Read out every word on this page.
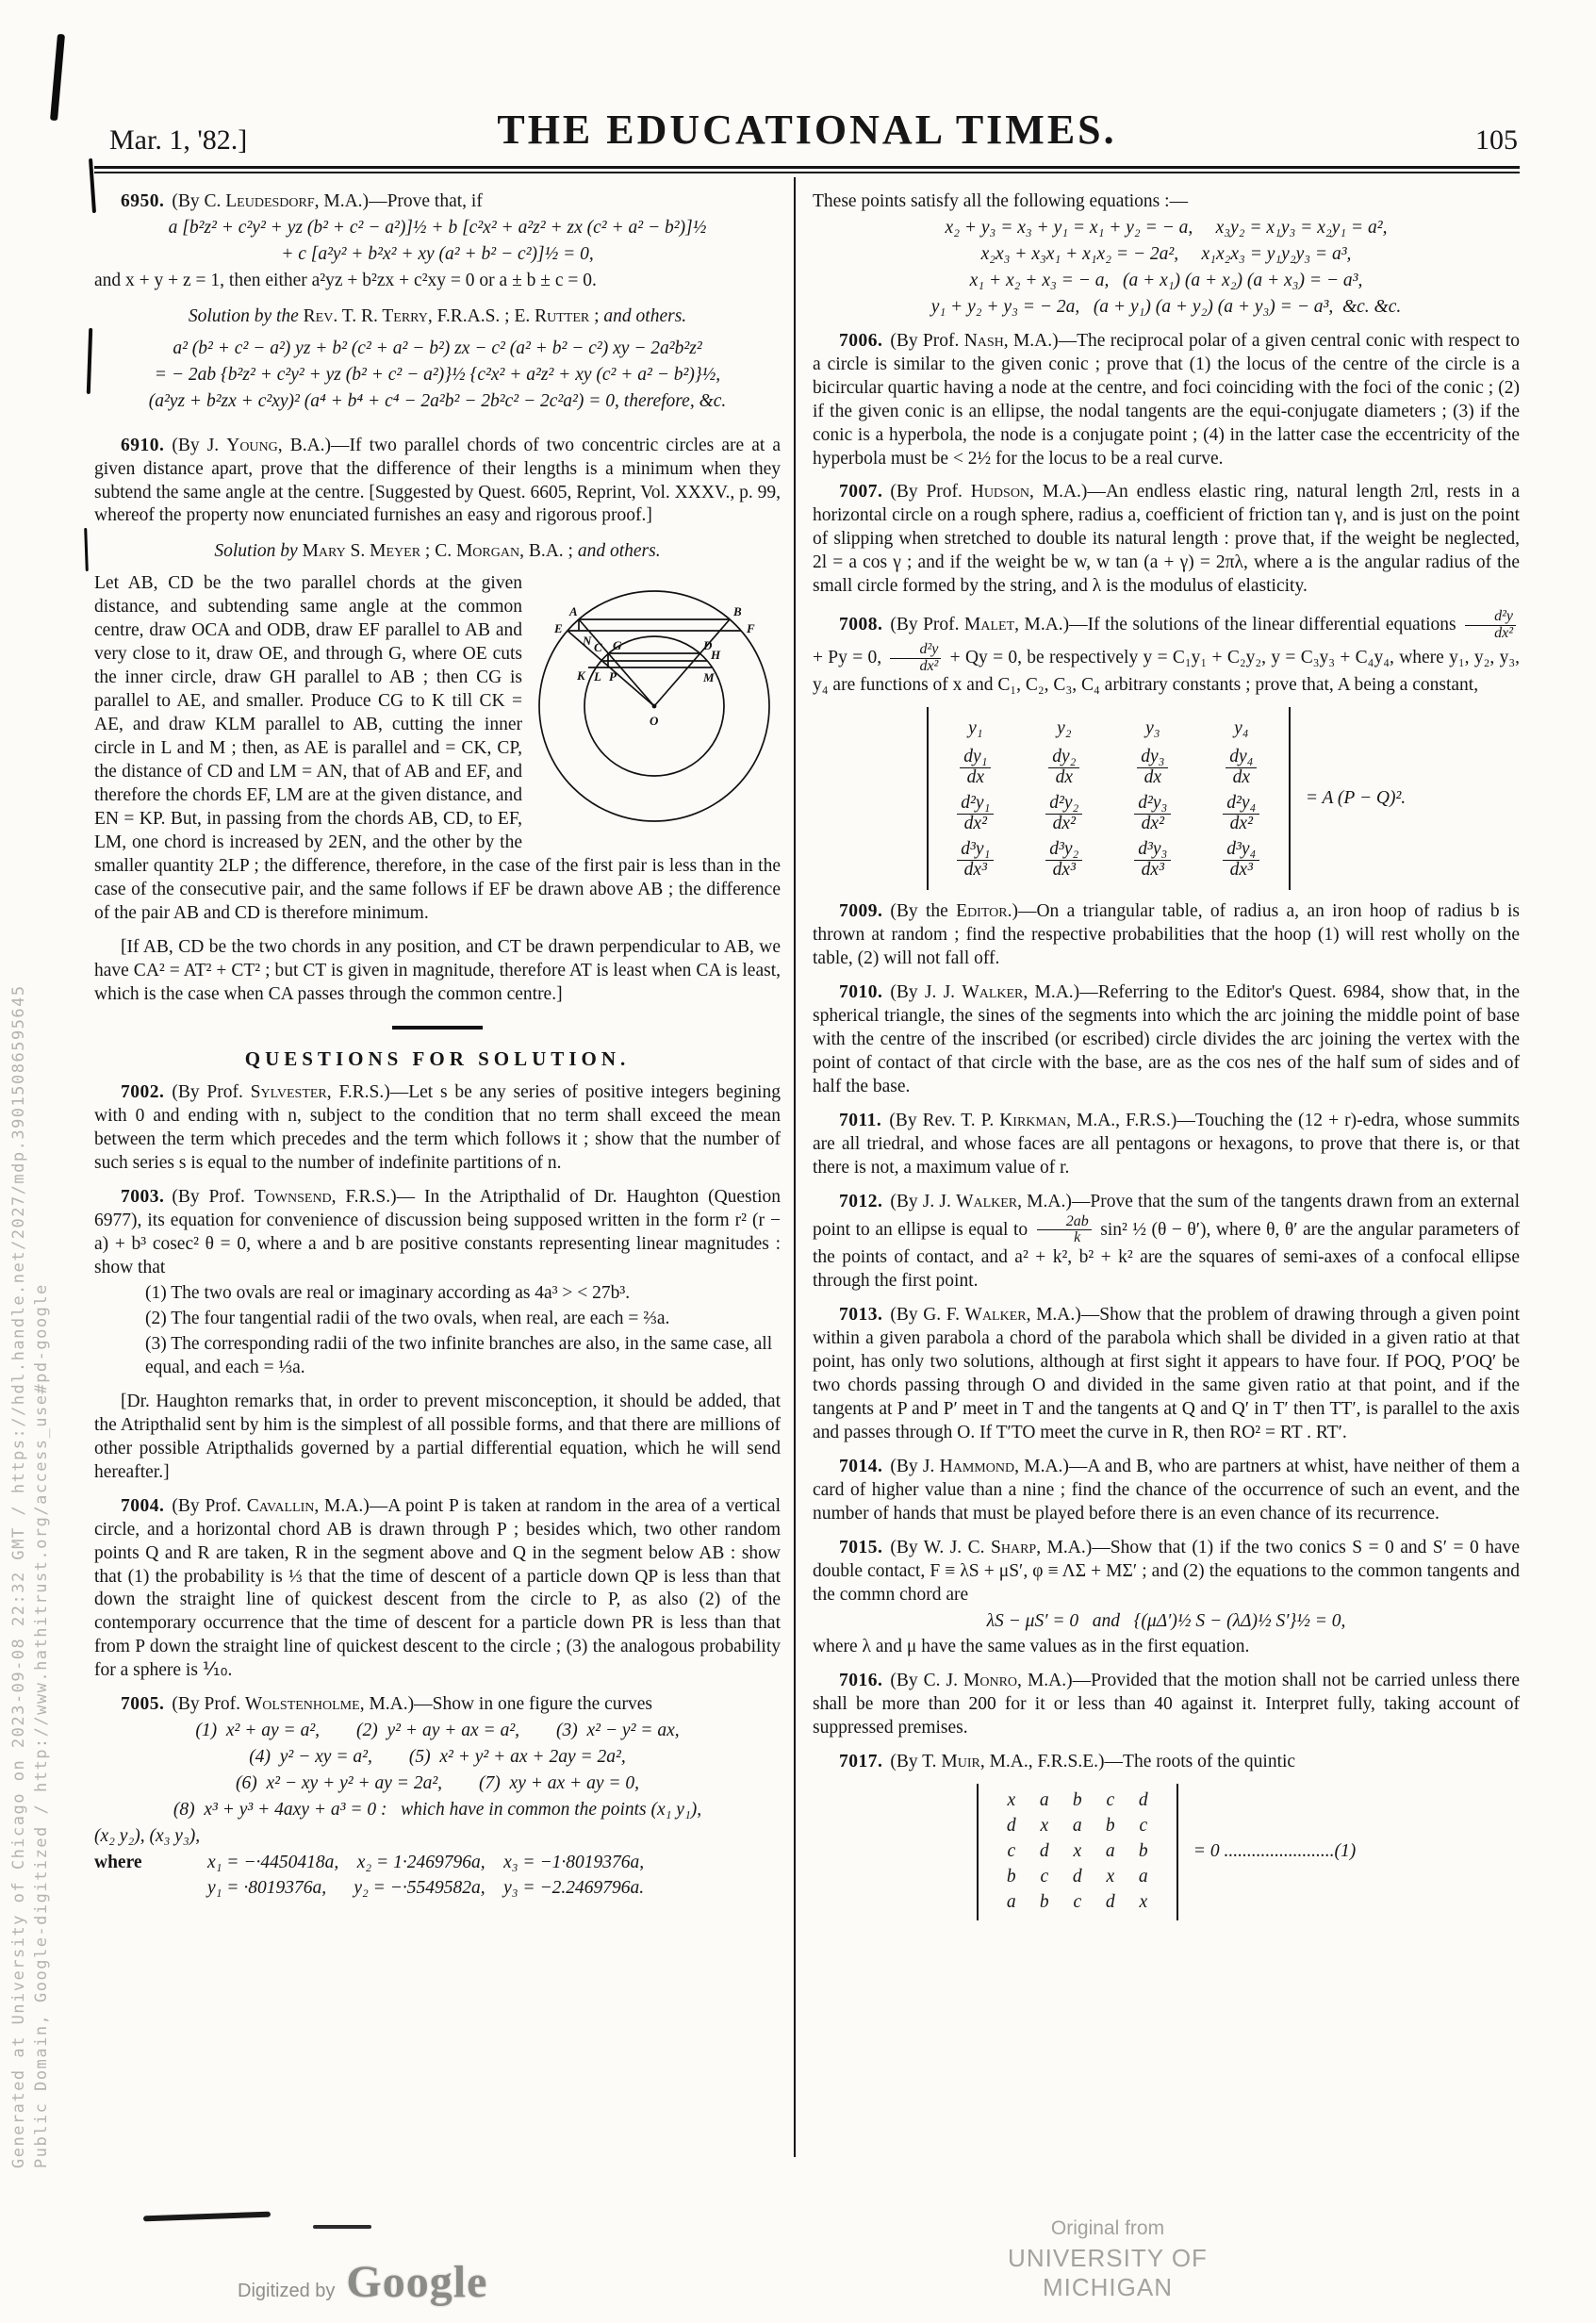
Generated at University of Chicago on 2023-09-08 22:32 GMT / https://hdl.handle.net/2027/mdp.39015086595645 Public Domain, Google-digitized / http://www.hathitrust.org/access_use#pd-google
Mar. 1, '82.]	THE EDUCATIONAL TIMES.	105

6950. (By C. Leudesdorf, M.A.)—Prove that, if

a [b²z² + c²y² + yz (b² + c² − a²)]½ + b [c²x² + a²z² + zx (c² + a² − b²)]½
+ c [a²y² + b²x² + xy (a² + b² − c²)]½ = 0,

and x + y + z = 1, then either a²yz + b²zx + c²xy = 0 or a ± b ± c = 0.

Solution by the Rev. T. R. Terry, F.R.A.S. ; E. Rutter ; and others.

a² (b² + c² − a²) yz + b² (c² + a² − b²) zx − c² (a² + b² − c²) xy − 2a²b²z²
= − 2ab {b²z² + c²y² + yz (b² + c² − a²)}½ {c²x² + a²z² + xy (c² + a² − b²)}½,
(a²yz + b²zx + c²xy)² (a⁴ + b⁴ + c⁴ − 2a²b² − 2b²c² − 2c²a²) = 0, therefore, &c.

6910. (By J. Young, B.A.)—If two parallel chords of two concentric circles are at a given distance apart, prove that the difference of their lengths is a minimum when they subtend the same angle at the centre. [Suggested by Quest. 6605, Reprint, Vol. XXXV., p. 99, whereof the property now enunciated furnishes an easy and rigorous proof.]

Solution by Mary S. Meyer ; C. Morgan, B.A. ; and others.

A	B
E	F
N C G	D
H
K L P	M
O

Let AB, CD be the two parallel chords at the given distance, and subtending same angle at the common centre, draw OCA and ODB, draw EF parallel to AB and very close to it, draw OE, and through G, where OE cuts the inner circle, draw GH parallel to AB ; then CG is parallel to AE, and smaller. Produce CG to K till CK = AE, and draw KLM parallel to AB, cutting the inner circle in L and M ; then, as AE is parallel and = CK, CP, the distance of CD and LM = AN, that of AB and EF, and therefore the chords EF, LM are at the given distance, and EN = KP. But, in passing from the chords AB, CD, to EF, LM, one chord is increased by 2EN, and the other by the smaller quantity 2LP ; the difference, therefore, in the case of the first pair is less than in the case of the consecutive pair, and the same follows if EF be drawn above AB ; the difference of the pair AB and CD is therefore minimum.

[If AB, CD be the two chords in any position, and CT be drawn perpendicular to AB, we have CA² = AT² + CT² ; but CT is given in magnitude, therefore AT is least when CA is least, which is the case when CA passes through the common centre.]

QUESTIONS FOR SOLUTION.

7002. (By Prof. Sylvester, F.R.S.)—Let s be any series of positive integers begining with 0 and ending with n, subject to the condition that no term shall exceed the mean between the term which precedes and the term which follows it ; show that the number of such series s is equal to the number of indefinite partitions of n.

7003. (By Prof. Townsend, F.R.S.)— In the Atripthalid of Dr. Haughton (Question 6977), its equation for convenience of discussion being supposed written in the form r² (r − a) + b³ cosec² θ = 0, where a and b are positive constants representing linear magnitudes : show that

(1) The two ovals are real or imaginary according as 4a³ > < 27b³.
(2) The four tangential radii of the two ovals, when real, are each = ⅔a.
(3) The corresponding radii of the two infinite branches are also, in the same case, all equal, and each = ⅓a.

[Dr. Haughton remarks that, in order to prevent misconception, it should be added, that the Atripthalid sent by him is the simplest of all possible forms, and that there are millions of other possible Atripthalids governed by a partial differential equation, which he will send hereafter.]

7004. (By Prof. Cavallin, M.A.)—A point P is taken at random in the area of a vertical circle, and a horizontal chord AB is drawn through P ; besides which, two other random points Q and R are taken, R in the segment above and Q in the segment below AB : show that (1) the probability is ⅓ that the time of descent of a particle down QP is less than that down the straight line of quickest descent from the circle to P, as also (2) of the contemporary occurrence that the time of descent for a particle down PR is less than that from P down the straight line of quickest descent to the circle ; (3) the analogous probability for a sphere is ⅒.

7005. (By Prof. Wolstenholme, M.A.)—Show in one figure the curves

(1)  x² + ay = a²,        (2)  y² + ay + ax = a²,        (3)  x² − y² = ax,
(4)  y² − xy = a²,        (5)  x² + y² + ax + 2ay = 2a²,
(6)  x² − xy + y² + ay = 2a²,        (7)  xy + ax + ay = 0,
(8)  x³ + y³ + 4axy + a³ = 0 :   which have in common the points (x₁ y₁),
(x₂ y₂), (x₃ y₃),
where	x₁ = −·4450418a,    x₂ = 1·2469796a,    x₃ = −1·8019376a,
y₁ = ·8019376a,      y₂ = −·5549582a,    y₃ = −2.2469796a.

These points satisfy all the following equations :—

x₂ + y₃ = x₃ + y₁ = x₁ + y₂ = − a,     x₃y₂ = x₁y₃ = x₂y₁ = a²,
x₂x₃ + x₃x₁ + x₁x₂ = − 2a²,     x₁x₂x₃ = y₁y₂y₃ = a³,
x₁ + x₂ + x₃ = − a,   (a + x₁) (a + x₂) (a + x₃) = − a³,
y₁ + y₂ + y₃ = − 2a,   (a + y₁) (a + y₂) (a + y₃) = − a³,  &c. &c.

7006. (By Prof. Nash, M.A.)—The reciprocal polar of a given central conic with respect to a circle is similar to the given conic ; prove that (1) the locus of the centre of the circle is a bicircular quartic having a node at the centre, and foci coinciding with the foci of the conic ; (2) if the given conic is an ellipse, the nodal tangents are the equi-conjugate diameters ; (3) if the conic is a hyperbola, the node is a conjugate point ; (4) in the latter case the eccentricity of the hyperbola must be < 2½ for the locus to be a real curve.

7007. (By Prof. Hudson, M.A.)—An endless elastic ring, natural length 2πl, rests in a horizontal circle on a rough sphere, radius a, coefficient of friction tan γ, and is just on the point of slipping when stretched to double its natural length : prove that, if the weight be neglected, 2l = a cos γ ; and if the weight be w, w tan (a + γ) = 2πλ, where a is the angular radius of the small circle formed by the string, and λ is the modulus of elasticity.

7008. (By Prof. Malet, M.A.)—If the solutions of the linear differential equations $\frac{\text{d²y}}{\text{dx²}}$
+ Py = 0, $\frac{\text{d²y}}{\text{dx²}} + Qy = 0$, be respectively y = C₁y₁ + C₂y₂, y = C₃y₃ + C₄y₄, where y₁, y₂, y₃, y₄ are functions of x and C₁, C₂, C₃, C₄ arbitrary constants ; prove that, A being a constant,

y₁	y₂	y₃	y₄
$\frac{\text{dy₁}}{dx} \frac{\text{dy₂}}{dx} \frac{\text{dy₃}}{dx} \frac{\text{dy₄}}{dx}$
$\frac{\text{d²y₁}}{\text{dx²}} \frac{\text{d²y₂}}{\text{dx²}} \frac{\text{d²y₃}}{\text{dx²}} \frac{\text{d²y₄}}{\text{dx²}}$
$\frac{\text{d³y₁}}{\text{dx³}} \frac{\text{d³y₂}}{\text{dx³}} \frac{\text{d³y₃}}{\text{dx³}} \frac{\text{d³y₄}}{\text{dx³}}$
= A (P − Q)².

7009. (By the Editor.)—On a triangular table, of radius a, an iron hoop of radius b is thrown at random ; find the respective probabilities that the hoop (1) will rest wholly on the table, (2) will not fall off.

7010. (By J. J. Walker, M.A.)—Referring to the Editor's Quest. 6984, show that, in the spherical triangle, the sines of the segments into which the arc joining the middle point of base with the centre of the inscribed (or escribed) circle divides the arc joining the vertex with the point of contact of that circle with the base, are as the cos nes of the half sum of sides and of half the base.

7011. (By Rev. T. P. Kirkman, M.A., F.R.S.)—Touching the (12 + r)-edra, whose summits are all triedral, and whose faces are all pentagons or hexagons, to prove that there is, or that there is not, a maximum value of r.

7012. (By J. J. Walker, M.A.)—Prove that the sum of the tangents drawn from an external point to an ellipse is equal to $\frac{2ab}{k} \sin^2$ ½ (θ − θ′), where θ, θ′ are the angular parameters of the points of contact, and a² + k², b² + k² are the squares of semi-axes of a confocal ellipse through the first point.

7013. (By G. F. Walker, M.A.)—Show that the problem of drawing through a given point within a given parabola a chord of the parabola which shall be divided in a given ratio at that point, has only two solutions, although at first sight it appears to have four. If POQ, P′OQ′ be two chords passing through O and divided in the same given ratio at that point, and if the tangents at P and P′ meet in T and the tangents at Q and Q′ in T′ then TT′, is parallel to the axis and passes through O. If T′TO meet the curve in R, then RO² = RT . RT′.

7014. (By J. Hammond, M.A.)—A and B, who are partners at whist, have neither of them a card of higher value than a nine ; find the chance of the occurrence of such an event, and the number of hands that must be played before there is an even chance of its recurrence.

7015. (By W. J. C. Sharp, M.A.)—Show that (1) if the two conics S = 0 and S′ = 0 have double contact, F ≡ λS + μS′, φ ≡ ΛΣ + MΣ′ ; and (2) the equations to the common tangents and the commn chord are

λS − μS′ = 0   and   {(μΔ′)½ S − (λΔ)½ S′}½ = 0,

where λ and μ have the same values as in the first equation.

7016. (By C. J. Monro, M.A.)—Provided that the motion shall not be carried unless there shall be more than 200 for it or less than 40 against it. Interpret fully, taking account of suppressed premises.

7017. (By T. Muir, M.A., F.R.S.E.)—The roots of the quintic

x	a	b	c	d
d	x	a	b	c
c	d	x	a	b
b	c	d	x	a
a	b	c	d	x
= 0 ........................(1)
Digitized by Google
Original from
UNIVERSITY OF MICHIGAN
